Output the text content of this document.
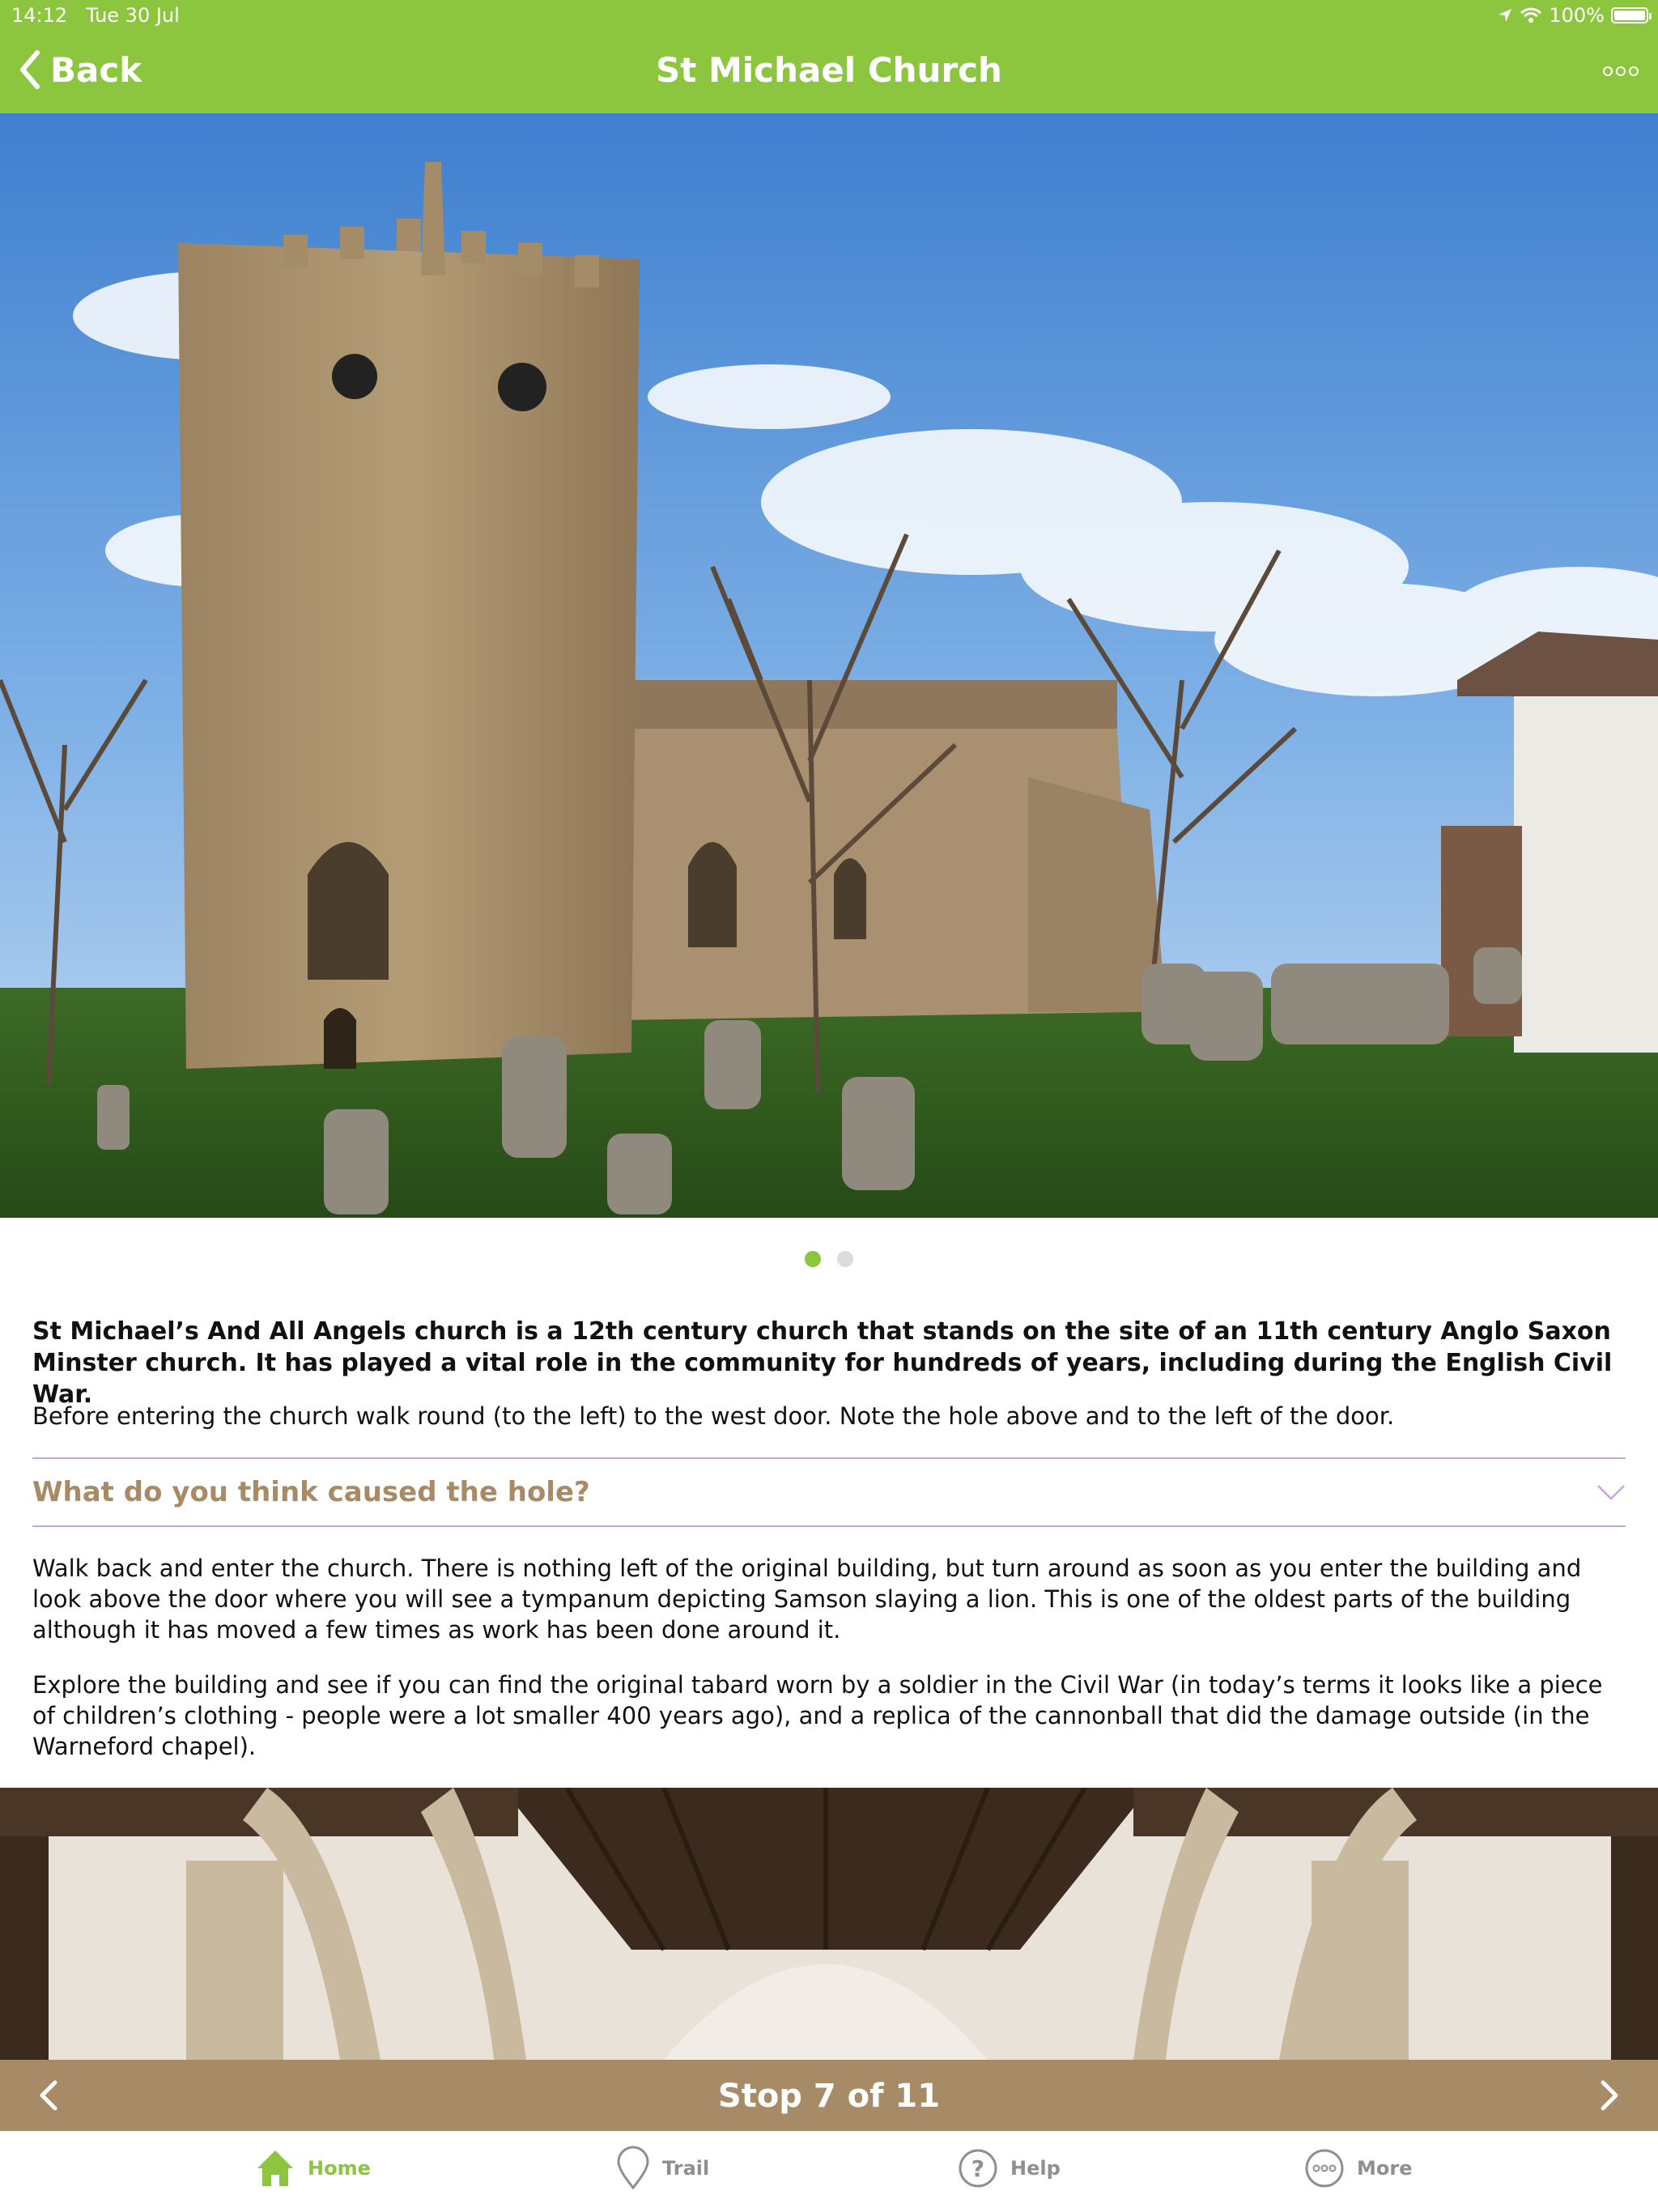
14:12 Tue 30 Jul	100%
Back	St Michael Church
St Michael’s And All Angels church is a 12th century church that stands on the site of an 11th century Anglo Saxon Minster church. It has played a vital role in the community for hundreds of years, including during the English Civil War.
Before entering the church walk round (to the left) to the west door. Note the hole above and to the left of the door.
What do you think caused the hole?
Walk back and enter the church. There is nothing left of the original building, but turn around as soon as you enter the building and look above the door where you will see a tympanum depicting Samson slaying a lion. This is one of the oldest parts of the building although it has moved a few times as work has been done around it.
Explore the building and see if you can find the original tabard worn by a soldier in the Civil War (in today’s terms it looks like a piece of children’s clothing - people were a lot smaller 400 years ago), and a replica of the cannonball that did the damage outside (in the Warneford chapel).
Stop 7 of 11
Home	Trail	? Help	More
